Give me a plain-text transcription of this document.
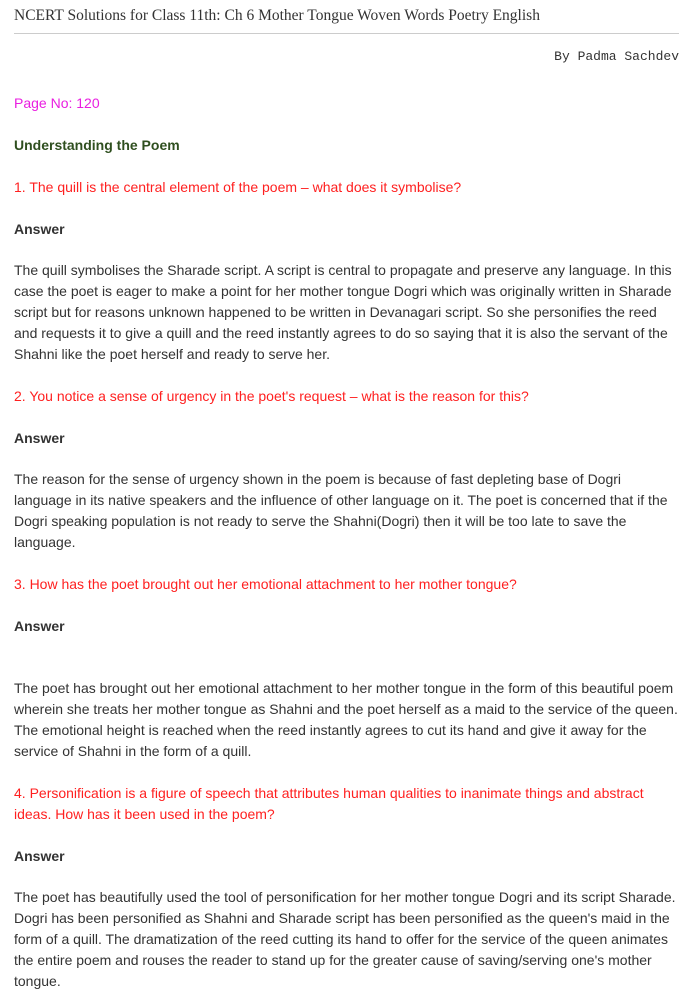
NCERT Solutions for Class 11th: Ch 6 Mother Tongue Woven Words Poetry English
By Padma Sachdev
Page No: 120
Understanding the Poem
1. The quill is the central element of the poem – what does it symbolise?
Answer
The quill symbolises the Sharade script. A script is central to propagate and preserve any language. In this case the poet is eager to make a point for her mother tongue Dogri which was originally written in Sharade script but for reasons unknown happened to be written in Devanagari script. So she personifies the reed and requests it to give a quill and the reed instantly agrees to do so saying that it is also the servant of the Shahni like the poet herself and ready to serve her.
2. You notice a sense of urgency in the poet's request – what is the reason for this?
Answer
The reason for the sense of urgency shown in the poem is because of fast depleting base of Dogri language in its native speakers and the influence of other language on it. The poet is concerned that if the Dogri speaking population is not ready to serve the Shahni(Dogri) then it will be too late to save the language.
3. How has the poet brought out her emotional attachment to her mother tongue?
Answer
The poet has brought out her emotional attachment to her mother tongue in the form of this beautiful poem wherein she treats her mother tongue as Shahni and the poet herself as a maid to the service of the queen. The emotional height is reached when the reed instantly agrees to cut its hand and give it away for the service of Shahni in the form of a quill.
4. Personification is a figure of speech that attributes human qualities to inanimate things and abstract ideas. How has it been used in the poem?
Answer
The poet has beautifully used the tool of personification for her mother tongue Dogri and its script Sharade. Dogri has been personified as Shahni and Sharade script has been personified as the queen's maid in the form of a quill. The dramatization of the reed cutting its hand to offer for the service of the queen animates the entire poem and rouses the reader to stand up for the greater cause of saving/serving one's mother tongue.
